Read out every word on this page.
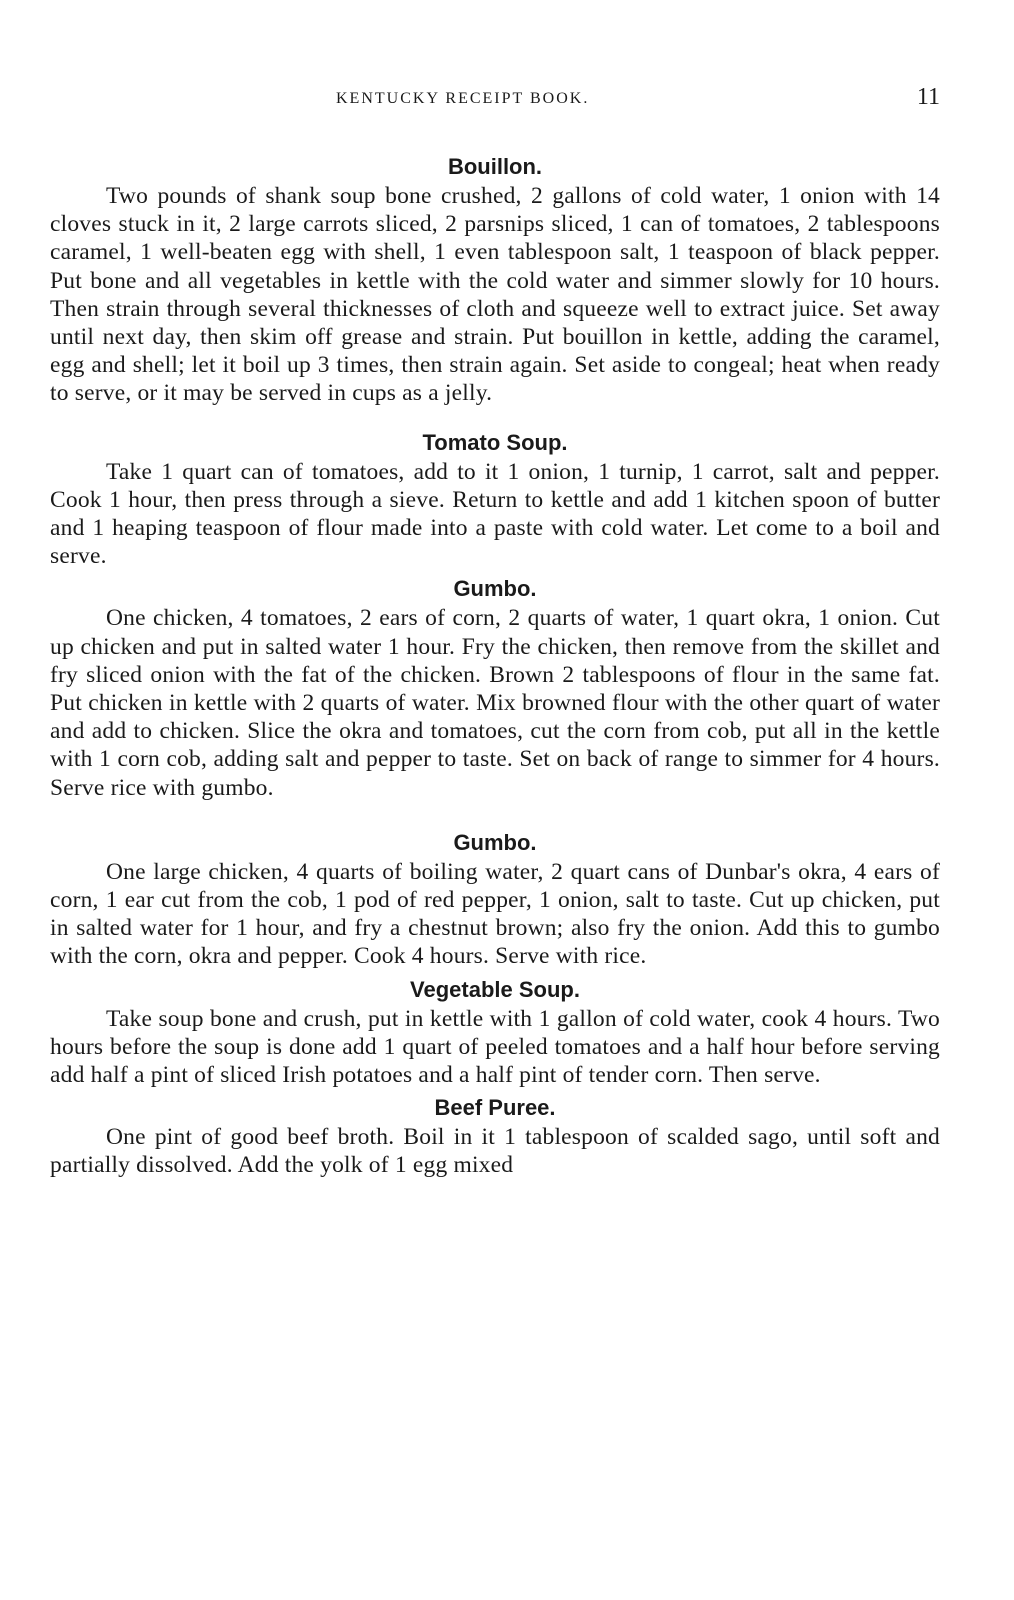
KENTUCKY RECEIPT BOOK.	11
Bouillon.

Two pounds of shank soup bone crushed, 2 gallons of cold water, 1 onion with 14 cloves stuck in it, 2 large carrots sliced, 2 parsnips sliced, 1 can of tomatoes, 2 tablespoons caramel, 1 well-beaten egg with shell, 1 even tablespoon salt, 1 teaspoon of black pepper. Put bone and all vegetables in kettle with the cold water and simmer slowly for 10 hours. Then strain through several thicknesses of cloth and squeeze well to extract juice. Set away until next day, then skim off grease and strain. Put bouillon in kettle, adding the caramel, egg and shell; let it boil up 3 times, then strain again. Set aside to congeal; heat when ready to serve, or it may be served in cups as a jelly.

Tomato Soup.

Take 1 quart can of tomatoes, add to it 1 onion, 1 turnip, 1 carrot, salt and pepper. Cook 1 hour, then press through a sieve. Return to kettle and add 1 kitchen spoon of butter and 1 heaping teaspoon of flour made into a paste with cold water. Let come to a boil and serve.

Gumbo.

One chicken, 4 tomatoes, 2 ears of corn, 2 quarts of water, 1 quart okra, 1 onion. Cut up chicken and put in salted water 1 hour. Fry the chicken, then remove from the skillet and fry sliced onion with the fat of the chicken. Brown 2 tablespoons of flour in the same fat. Put chicken in kettle with 2 quarts of water. Mix browned flour with the other quart of water and add to chicken. Slice the okra and tomatoes, cut the corn from cob, put all in the kettle with 1 corn cob, adding salt and pepper to taste. Set on back of range to simmer for 4 hours. Serve rice with gumbo.

Gumbo.

One large chicken, 4 quarts of boiling water, 2 quart cans of Dunbar's okra, 4 ears of corn, 1 ear cut from the cob, 1 pod of red pepper, 1 onion, salt to taste. Cut up chicken, put in salted water for 1 hour, and fry a chestnut brown; also fry the onion. Add this to gumbo with the corn, okra and pepper. Cook 4 hours. Serve with rice.

Vegetable Soup.

Take soup bone and crush, put in kettle with 1 gallon of cold water, cook 4 hours. Two hours before the soup is done add 1 quart of peeled tomatoes and a half hour before serving add half a pint of sliced Irish potatoes and a half pint of tender corn. Then serve.

Beef Puree.

One pint of good beef broth. Boil in it 1 tablespoon of scalded sago, until soft and partially dissolved. Add the yolk of 1 egg mixed
